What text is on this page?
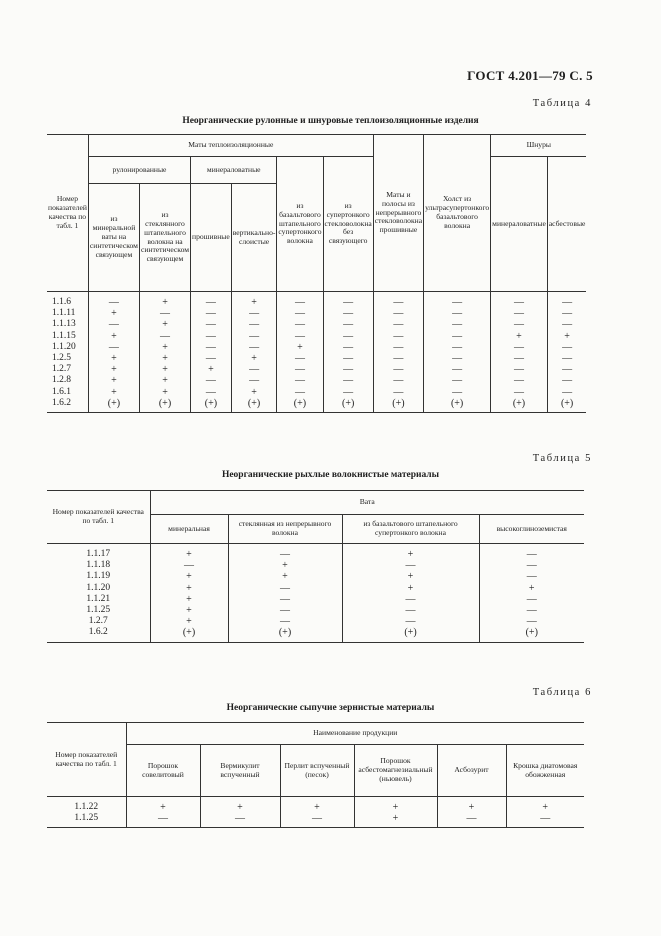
ГОСТ 4.201—79 С. 5
Таблица 4
Неорганические рулонные и шнуровые теплоизоляционные изделия
Номер показателей качества по табл. 1	Маты теплоизоляционные						Маты и полосы из непрерывного стекловолокна прошивные	Холст из ультрасупертонкого базальтового волокна	Шнуры	
	рулонированные		минераловатные		из базальтового штапельного супертонкого волокна	из супертонкого стекловолокна без связующего			минераловатные	асбестовые
	из минеральной ваты на синтетическом связующем	из стеклянного штапельного волокна на синтетическом связующем	прошивные	вертикально-слоистые						
1.1.6	—	+	—	+	—	—	—	—	—	—
1.1.11	+	—	—	—	—	—	—	—	—	—
1.1.13	—	+	—	—	—	—	—	—	—	—
1.1.15	+	—	—	—	—	—	—	—	+	+
1.1.20	—	+	—	—	+	—	—	—	—	—
1.2.5	+	+	—	+	—	—	—	—	—	—
1.2.7	+	+	+	—	—	—	—	—	—	—
1.2.8	+	+	—	—	—	—	—	—	—	—
1.6.1	+	+	—	+	—	—	—	—	—	—
1.6.2	(+)	(+)	(+)	(+)	(+)	(+)	(+)	(+)	(+)	(+)
Таблица 5
Неорганические рыхлые волокнистые материалы
Номер показателей качества по табл. 1	Вата			
	минеральная	стеклянная из непрерывного волокна	из базальтового штапельного супертонкого волокна	высокоглиноземистая
1.1.17	+	—	+	—
1.1.18	—	+	—	—
1.1.19	+	+	+	—
1.1.20	+	—	+	+
1.1.21	+	—	—	—
1.1.25	+	—	—	—
1.2.7	+	—	—	—
1.6.2	(+)	(+)	(+)	(+)
Таблица 6
Неорганические сыпучие зернистые материалы
Номер показателей качества по табл. 1	Наименование продукции					
	Порошок совелитовый	Вермикулит вспученный	Перлит вспученный (песок)	Порошок асбестомагнезиальный (ньювель)	Асбозурит	Крошка диатомовая обожженная
1.1.22	+	+	+	+	+	+
1.1.25	—	—	—	+	—	—
